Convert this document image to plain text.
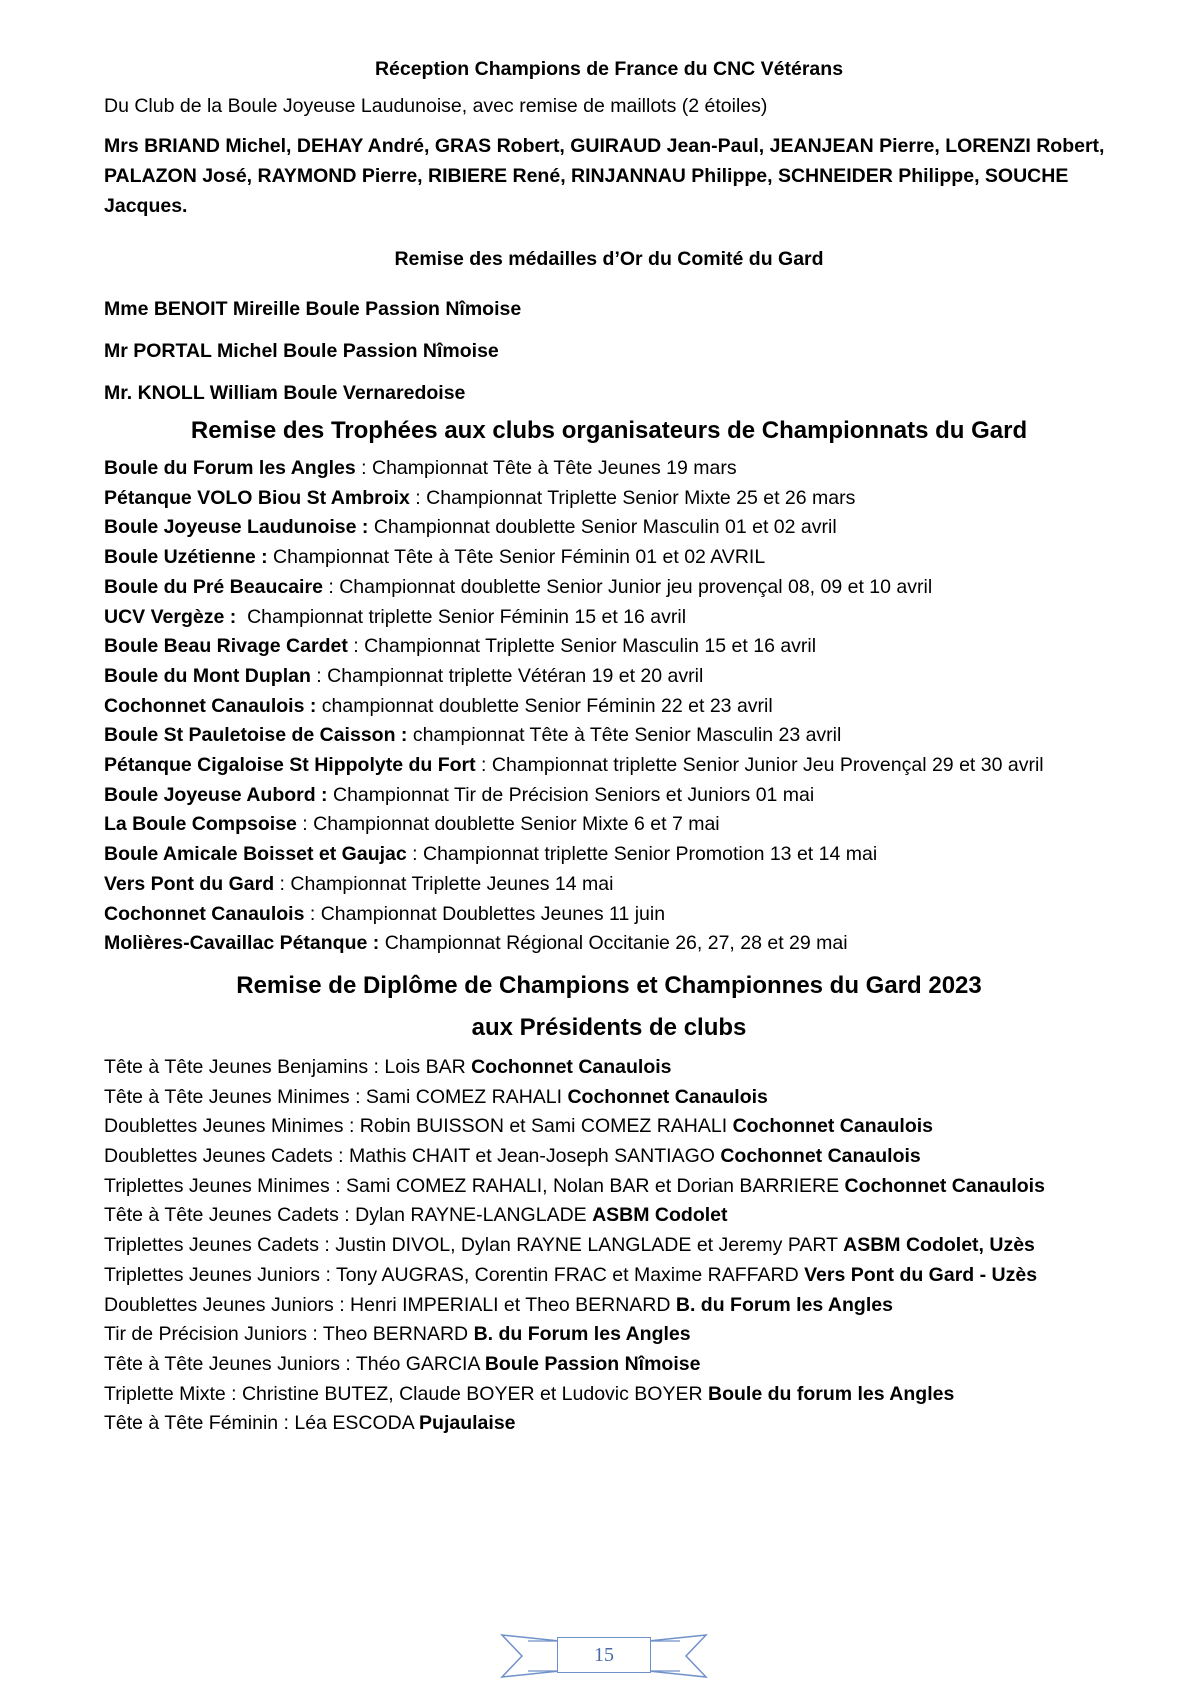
Réception Champions de France du CNC Vétérans

Du Club de la Boule Joyeuse Laudunoise, avec remise de maillots (2 étoiles)

Mrs BRIAND Michel, DEHAY André, GRAS Robert, GUIRAUD Jean-Paul, JEANJEAN Pierre, LORENZI Robert, PALAZON José, RAYMOND Pierre, RIBIERE René, RINJANNAU Philippe, SCHNEIDER Philippe, SOUCHE Jacques.

Remise des médailles d’Or du Comité du Gard

Mme BENOIT Mireille Boule Passion Nîmoise

Mr PORTAL Michel Boule Passion Nîmoise

Mr. KNOLL William Boule Vernaredoise

Remise des Trophées aux clubs organisateurs de Championnats du Gard

Boule du Forum les Angles : Championnat Tête à Tête Jeunes 19 mars
Pétanque VOLO Biou St Ambroix : Championnat Triplette Senior Mixte 25 et 26 mars
Boule Joyeuse Laudunoise : Championnat doublette Senior Masculin 01 et 02 avril
Boule Uzétienne : Championnat Tête à Tête Senior Féminin 01 et 02 AVRIL
Boule du Pré Beaucaire : Championnat doublette Senior Junior jeu provençal 08, 09 et 10 avril
UCV Vergèze : Championnat triplette Senior Féminin 15 et 16 avril
Boule Beau Rivage Cardet : Championnat Triplette Senior Masculin 15 et 16 avril
Boule du Mont Duplan : Championnat triplette Vétéran 19 et 20 avril
Cochonnet Canaulois : championnat doublette Senior Féminin 22 et 23 avril
Boule St Pauletoise de Caisson : championnat Tête à Tête Senior Masculin 23 avril
Pétanque Cigaloise St Hippolyte du Fort : Championnat triplette Senior Junior Jeu Provençal 29 et 30 avril
Boule Joyeuse Aubord : Championnat Tir de Précision Seniors et Juniors 01 mai
La Boule Compsoise : Championnat doublette Senior Mixte 6 et 7 mai
Boule Amicale Boisset et Gaujac : Championnat triplette Senior Promotion 13 et 14 mai
Vers Pont du Gard : Championnat Triplette Jeunes 14 mai
Cochonnet Canaulois : Championnat Doublettes Jeunes 11 juin
Molières-Cavaillac Pétanque : Championnat Régional Occitanie 26, 27, 28 et 29 mai

Remise de Diplôme de Champions et Championnes du Gard 2023

aux Présidents de clubs

Tête à Tête Jeunes Benjamins : Lois BAR Cochonnet Canaulois
Tête à Tête Jeunes Minimes : Sami COMEZ RAHALI Cochonnet Canaulois
Doublettes Jeunes Minimes : Robin BUISSON et Sami COMEZ RAHALI Cochonnet Canaulois
Doublettes Jeunes Cadets : Mathis CHAIT et Jean-Joseph SANTIAGO Cochonnet Canaulois
Triplettes Jeunes Minimes : Sami COMEZ RAHALI, Nolan BAR et Dorian BARRIERE Cochonnet Canaulois
Tête à Tête Jeunes Cadets : Dylan RAYNE-LANGLADE ASBM Codolet
Triplettes Jeunes Cadets : Justin DIVOL, Dylan RAYNE LANGLADE et Jeremy PART ASBM Codolet, Uzès
Triplettes Jeunes Juniors : Tony AUGRAS, Corentin FRAC et Maxime RAFFARD Vers Pont du Gard - Uzès
Doublettes Jeunes Juniors : Henri IMPERIALI et Theo BERNARD B. du Forum les Angles
Tir de Précision Juniors : Theo BERNARD B. du Forum les Angles
Tête à Tête Jeunes Juniors : Théo GARCIA Boule Passion Nîmoise
Triplette Mixte : Christine BUTEZ, Claude BOYER et Ludovic BOYER Boule du forum les Angles
Tête à Tête Féminin : Léa ESCODA Pujaulaise
15
